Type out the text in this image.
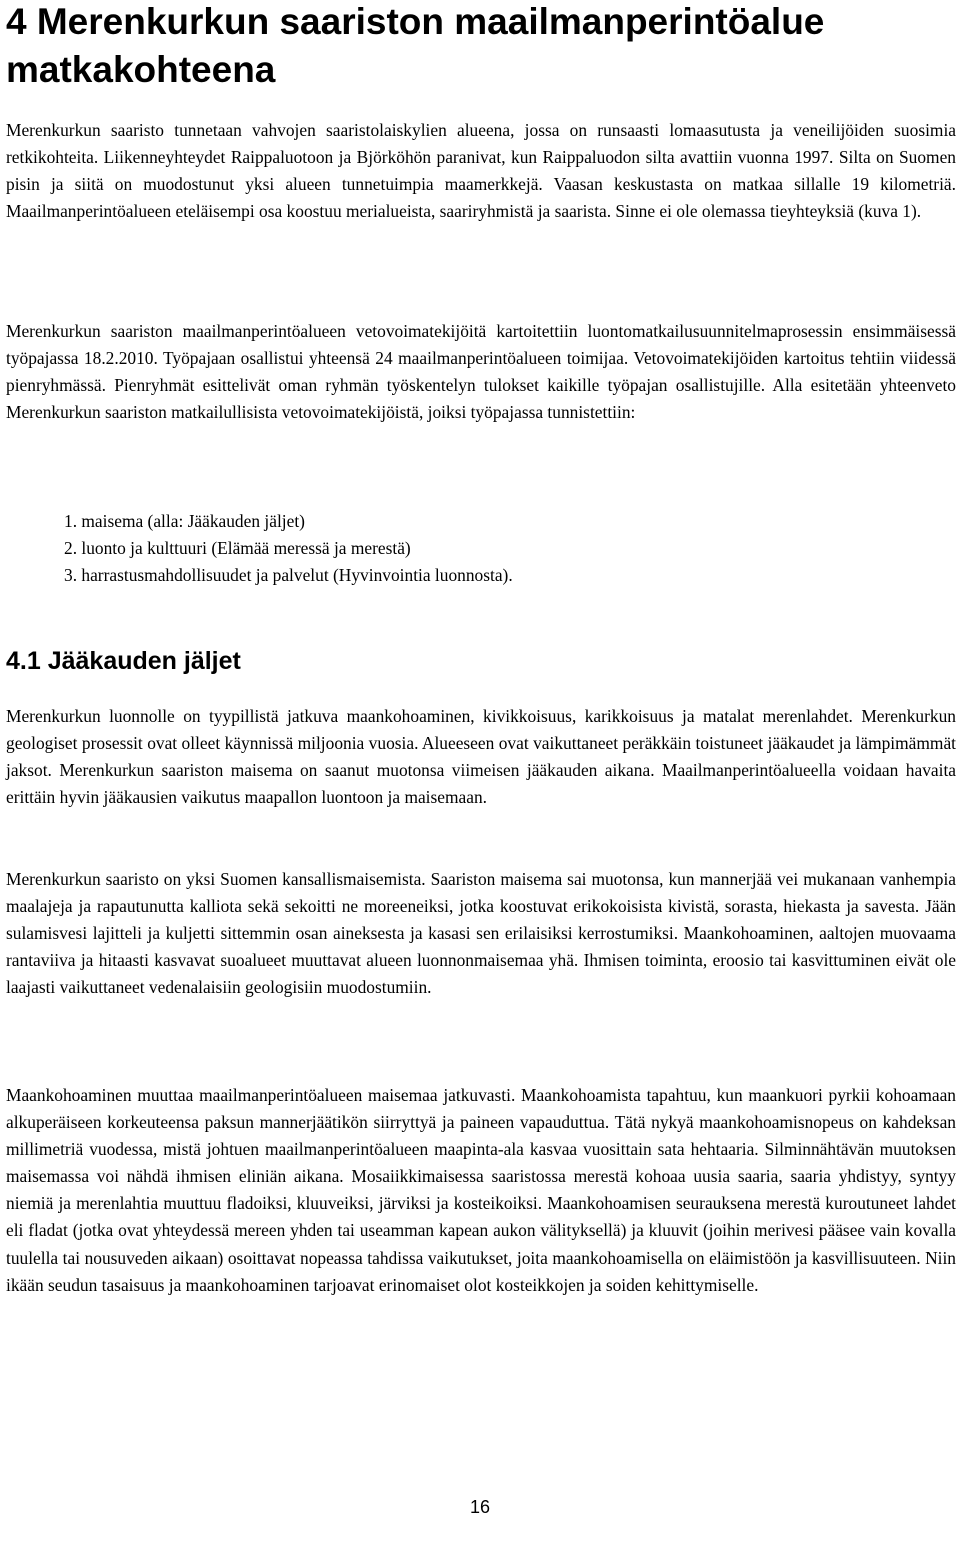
4 Merenkurkun saariston maailmanperintöalue matkakohteena

Merenkurkun saaristo tunnetaan vahvojen saaristolaiskylien alueena, jossa on runsaasti lomaasutusta ja veneilijöiden suosimia retkikohteita. Liikenneyhteydet Raippaluotoon ja Björköhön paranivat, kun Raippaluodon silta avattiin vuonna 1997. Silta on Suomen pisin ja siitä on muodostunut yksi alueen tunnetuimpia maamerkkejä. Vaasan keskustasta on matkaa sillalle 19 kilometriä. Maailmanperintöalueen eteläisempi osa koostuu merialueista, saariryhmistä ja saarista. Sinne ei ole olemassa tieyhteyksiä (kuva 1).

Merenkurkun saariston maailmanperintöalueen vetovoimatekijöitä kartoitettiin luontomatkailusuunnitelmaprosessin ensimmäisessä työpajassa 18.2.2010. Työpajaan osallistui yhteensä 24 maailmanperintöalueen toimijaa. Vetovoimatekijöiden kartoitus tehtiin viidessä pienryhmässä. Pienryhmät esittelivät oman ryhmän työskentelyn tulokset kaikille työpajan osallistujille. Alla esitetään yhteenveto Merenkurkun saariston matkailullisista vetovoimatekijöistä, joiksi työpajassa tunnistettiin:

1. maisema (alla: Jääkauden jäljet)
2. luonto ja kulttuuri (Elämää meressä ja merestä)
3. harrastusmahdollisuudet ja palvelut (Hyvinvointia luonnosta).
4.1 Jääkauden jäljet

Merenkurkun luonnolle on tyypillistä jatkuva maankohoaminen, kivikkoisuus, karikkoisuus ja matalat merenlahdet. Merenkurkun geologiset prosessit ovat olleet käynnissä miljoonia vuosia. Alueeseen ovat vaikuttaneet peräkkäin toistuneet jääkaudet ja lämpimämmät jaksot. Merenkurkun saariston maisema on saanut muotonsa viimeisen jääkauden aikana. Maailmanperintöalueella voidaan havaita erittäin hyvin jääkausien vaikutus maapallon luontoon ja maisemaan.

Merenkurkun saaristo on yksi Suomen kansallismaisemista. Saariston maisema sai muotonsa, kun mannerjää vei mukanaan vanhempia maalajeja ja rapautunutta kalliota sekä sekoitti ne moreeneiksi, jotka koostuvat erikokoisista kivistä, sorasta, hiekasta ja savesta. Jään sulamisvesi lajitteli ja kuljetti sittemmin osan aineksesta ja kasasi sen erilaisiksi kerrostumiksi. Maankohoaminen, aaltojen muovaama rantaviiva ja hitaasti kasvavat suoalueet muuttavat alueen luonnonmaisemaa yhä. Ihmisen toiminta, eroosio tai kasvittuminen eivät ole laajasti vaikuttaneet vedenalaisiin geologisiin muodostumiin.

Maankohoaminen muuttaa maailmanperintöalueen maisemaa jatkuvasti. Maankohoamista tapahtuu, kun maankuori pyrkii kohoamaan alkuperäiseen korkeuteensa paksun mannerjäätikön siirryttyä ja paineen vapauduttua. Tätä nykyä maankohoamisnopeus on kahdeksan millimetriä vuodessa, mistä johtuen maailmanperintöalueen maapinta-ala kasvaa vuosittain sata hehtaaria. Silminnähtävän muutoksen maisemassa voi nähdä ihmisen eliniän aikana. Mosaiikkimaisessa saaristossa merestä kohoaa uusia saaria, saaria yhdistyy, syntyy niemiä ja merenlahtia muuttuu fladoiksi, kluuveiksi, järviksi ja kosteikoiksi. Maankohoamisen seurauksena merestä kuroutuneet lahdet eli fladat (jotka ovat yhteydessä mereen yhden tai useamman kapean aukon välityksellä) ja kluuvit (joihin merivesi pääsee vain kovalla tuulella tai nousuveden aikaan) osoittavat nopeassa tahdissa vaikutukset, joita maankohoamisella on eläimistöön ja kasvillisuuteen. Niin ikään seudun tasaisuus ja maankohoaminen tarjoavat erinomaiset olot kosteikkojen ja soiden kehittymiselle.

16
